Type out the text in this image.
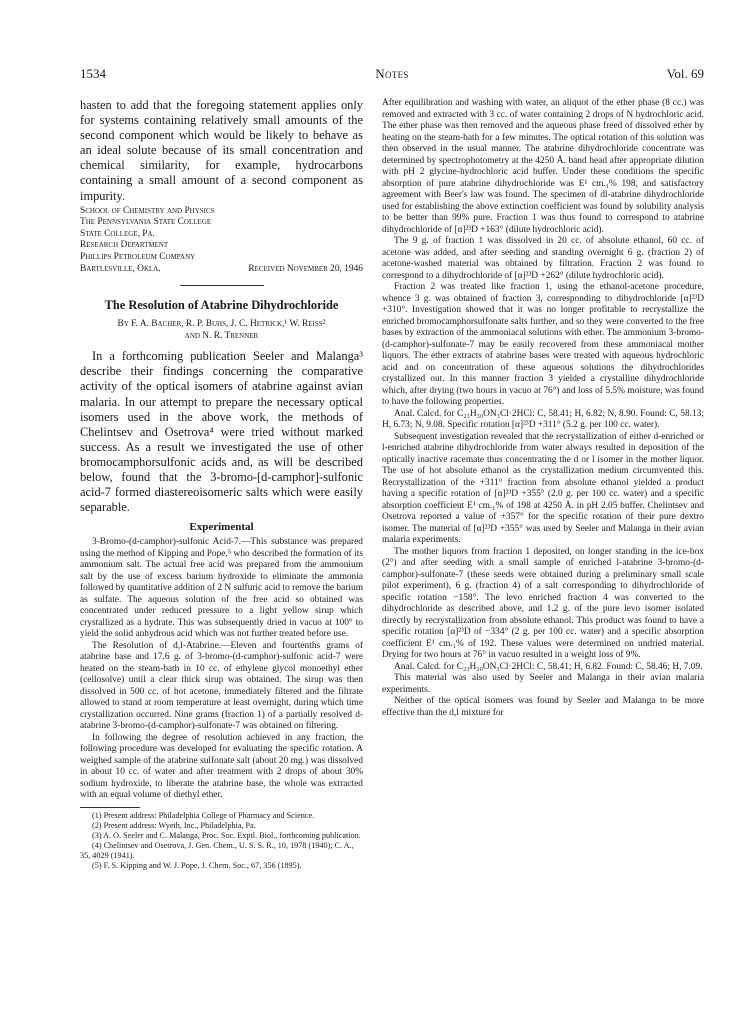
1534	Notes	Vol. 69

hasten to add that the foregoing statement applies only for systems containing relatively small amounts of the second component which would be likely to behave as an ideal solute because of its small concentration and chemical similarity, for example, hydrocarbons containing a small amount of a second component as impurity.

School of Chemistry and Physics
The Pennsylvania State College
State College, Pa.
Research Department
Phillips Petroleum Company
Bartlesville, Okla.	Received November 20, 1946
The Resolution of Atabrine Dihydrochloride
By F. A. Bacher, R. P. Buhs, J. C. Hetrick,¹ W. Reiss²
and N. R. Trenner

In a forthcoming publication Seeler and Malanga³ describe their findings concerning the comparative activity of the optical isomers of atabrine against avian malaria. In our attempt to prepare the necessary optical isomers used in the above work, the methods of Chelintsev and Osetrova⁴ were tried without marked success. As a result we investigated the use of other bromocamphorsulfonic acids and, as will be described below, found that the 3-bromo-[d-camphor]-sulfonic acid-7 formed diastereoisomeric salts which were easily separable.

Experimental

3-Bromo-(d-camphor)-sulfonic Acid-7.—This substance was prepared using the method of Kipping and Pope,⁵ who described the formation of its ammonium salt. The actual free acid was prepared from the ammonium salt by the use of excess barium hydroxide to eliminate the ammonia followed by quantitative addition of 2 N sulfuric acid to remove the barium as sulfate. The aqueous solution of the free acid so obtained was concentrated under reduced pressure to a light yellow sirup which crystallized as a hydrate. This was subsequently dried in vacuo at 100° to yield the solid anhydrous acid which was not further treated before use.

The Resolution of d,l-Atabrine.—Eleven and fourtenths grams of atabrine base and 17.6 g. of 3-bromo-(d-camphor)-sulfonic acid-7 were heated on the steam-bath in 10 cc. of ethylene glycol monoethyl ether (cellosolve) until a clear thick sirup was obtained. The sirup was then dissolved in 500 cc. of hot acetone, immediately filtered and the filtrate allowed to stand at room temperature at least overnight, during which time crystallization occurred. Nine grams (fraction 1) of a partially resolved d-atabrine 3-bromo-(d-camphor)-sulfonate-7 was obtained on filtering.

In following the degree of resolution achieved in any fraction, the following procedure was developed for evaluating the specific rotation. A weighed sample of the atabrine sulfonate salt (about 20 mg.) was dissolved in about 10 cc. of water and after treatment with 2 drops of about 30% sodium hydroxide, to liberate the atabrine base, the whole was extracted with an equal volume of diethyl ether.

(1) Present address: Philadelphia College of Pharmacy and Science.

(2) Present address: Wyeth, Inc., Philadelphia, Pa.

(3) A. O. Seeler and C. Malanga, Proc. Soc. Exptl. Biol., forthcoming publication.

(4) Chelintsev and Osetrova, J. Gen. Chem., U. S. S. R., 10, 1978 (1940); C. A., 35, 4029 (1941).

(5) F. S. Kipping and W. J. Pope, J. Chem. Soc., 67, 356 (1895).

After equilibration and washing with water, an aliquot of the ether phase (8 cc.) was removed and extracted with 3 cc. of water containing 2 drops of N hydrochloric acid. The ether phase was then removed and the aqueous phase freed of dissolved ether by heating on the steam-bath for a few minutes. The optical rotation of this solution was then observed in the usual manner. The atabrine dihydrochloride concentrate was determined by spectrophotometry at the 4250 Å. band head after appropriate dilution with pH 2 glycine-hydrochloric acid buffer. Under these conditions the specific absorption of pure atabrine dihydrochloride was E¹ cm.₁% 198, and satisfactory agreement with Beer's law was found. The specimen of dl-atabrine dihydrochloride used for establishing the above extinction coefficient was found by solubility analysis to be better than 99% pure. Fraction 1 was thus found to correspond to atabrine dihydrochloride of [α]²³D +163° (dilute hydrochloric acid).

The 9 g. of fraction 1 was dissolved in 20 cc. of absolute ethanol, 60 cc. of acetone was added, and after seeding and standing overnight 6 g. (fraction 2) of acetone-washed material was obtained by filtration. Fraction 2 was found to correspond to a dihydrochloride of [α]²³D +262° (dilute hydrochloric acid).

Fraction 2 was treated like fraction 1, using the ethanol-acetone procedure, whence 3 g. was obtained of fraction 3, corresponding to dihydrochloride [α]²³D +310°. Investigation showed that it was no longer profitable to recrystallize the enriched bromocamphorsulfonate salts further, and so they were converted to the free bases by extraction of the ammoniacal solutions with ether. The ammonium 3-bromo-(d-camphor)-sulfonate-7 may be easily recovered from these ammoniacal mother liquors. The ether extracts of atabrine bases were treated with aqueous hydrochloric acid and on concentration of these aqueous solutions the dihydrochlorides crystallized out. In this manner fraction 3 yielded a crystalline dihydrochloride which, after drying (two hours in vacuo at 76°) and loss of 5.5% moisture, was found to have the following properties.

Anal. Calcd. for C₂₃H₃₀ON₃Cl·2HCl: C, 58.41; H, 6.82; N, 8.90. Found: C, 58.13; H, 6.73; N, 9.08. Specific rotation [α]²³D +311° (5.2 g. per 100 cc. water).

Subsequent investigation revealed that the recrystallization of either d-enriched or l-enriched atabrine dihydrochloride from water always resulted in deposition of the optically inactive racemate thus concentrating the d or l isomer in the mother liquor. The use of hot absolute ethanol as the crystallization medium circumvented this. Recrystallization of the +311° fraction from absolute ethanol yielded a product having a specific rotation of [α]²³D +355° (2.0 g. per 100 cc. water) and a specific absorption coefficient E¹ cm.₁% of 198 at 4250 Å. in pH 2.05 buffer. Chelintsev and Osetrova reported a value of +357° for the specific rotation of their pure dextro isomer. The material of [α]²³D +355° was used by Seeler and Malanga in their avian malaria experiments.

The mother liquors from fraction 1 deposited, on longer standing in the ice-box (2°) and after seeding with a small sample of enriched l-atabrine 3-bromo-(d-camphor)-sulfonate-7 (these seeds were obtained during a preliminary small scale pilot experiment), 6 g. (fraction 4) of a salt corresponding to dihydrochloride of specific rotation −158°. The levo enriched fraction 4 was converted to the dihydrochloride as described above, and 1.2 g. of the pure levo isomer isolated directly by recrystallization from absolute ethanol. This product was found to have a specific rotation [α]²³D of −334° (2 g. per 100 cc. water) and a specific absorption coefficient E¹ cm.₁% of 192. These values were determined on undried material. Drying for two hours at 76° in vacuo resulted in a weight loss of 9%.

Anal. Calcd. for C₂₃H₃₀ON₃Cl·2HCl: C, 58.41; H, 6.82. Found: C, 58.46; H, 7.09.

This material was also used by Seeler and Malanga in their avian malaria experiments.

Neither of the optical isomers was found by Seeler and Malanga to be more effective than the d,l mixture for
